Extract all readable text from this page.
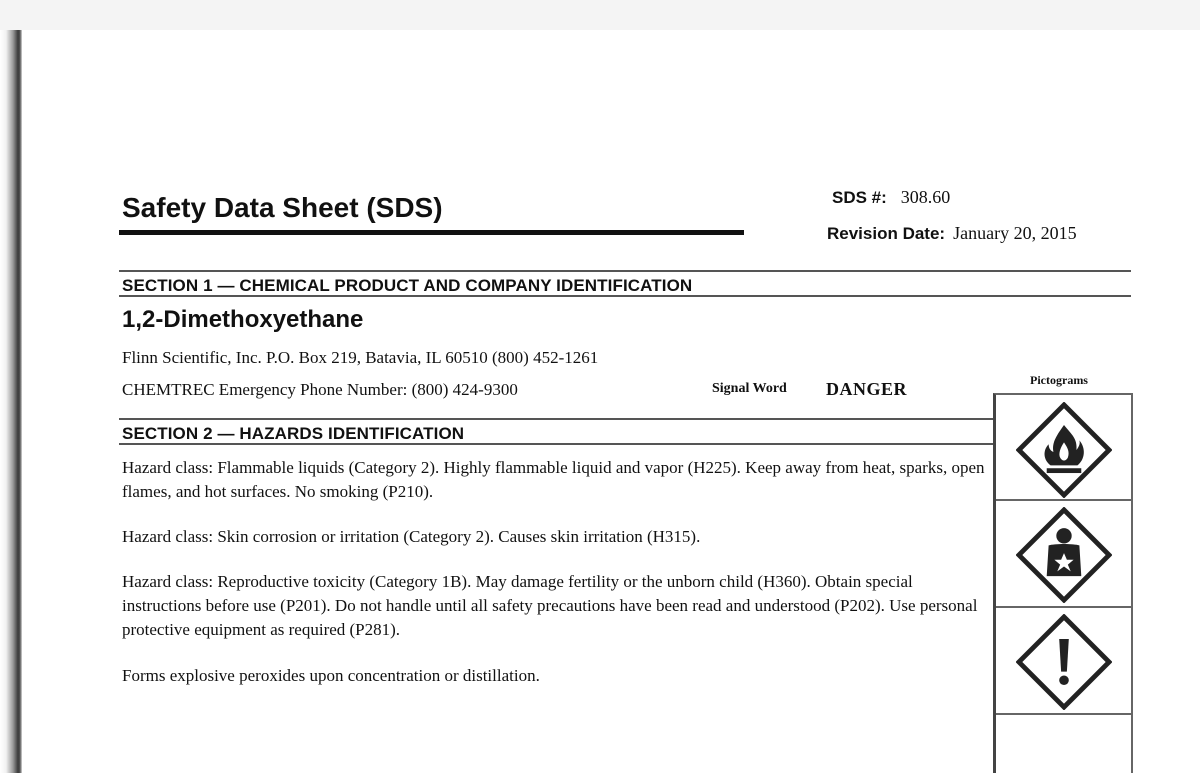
Safety Data Sheet (SDS)	SDS #: 308.60
Revision Date: January 20, 2015
SECTION 1 — CHEMICAL PRODUCT AND COMPANY IDENTIFICATION
1,2-Dimethoxyethane
Flinn Scientific, Inc. P.O. Box 219, Batavia, IL 60510 (800) 452-1261
CHEMTREC Emergency Phone Number: (800) 424-9300	Signal Word DANGER	Pictograms
SECTION 2 — HAZARDS IDENTIFICATION
Hazard class: Flammable liquids (Category 2). Highly flammable liquid and vapor (H225). Keep away from heat, sparks, open flames, and hot surfaces. No smoking (P210).
Hazard class: Skin corrosion or irritation (Category 2). Causes skin irritation (H315).
Hazard class: Reproductive toxicity (Category 1B). May damage fertility or the unborn child (H360). Obtain special instructions before use (P201). Do not handle until all safety precautions have been read and understood (P202). Use personal protective equipment as required (P281).
Forms explosive peroxides upon concentration or distillation.
